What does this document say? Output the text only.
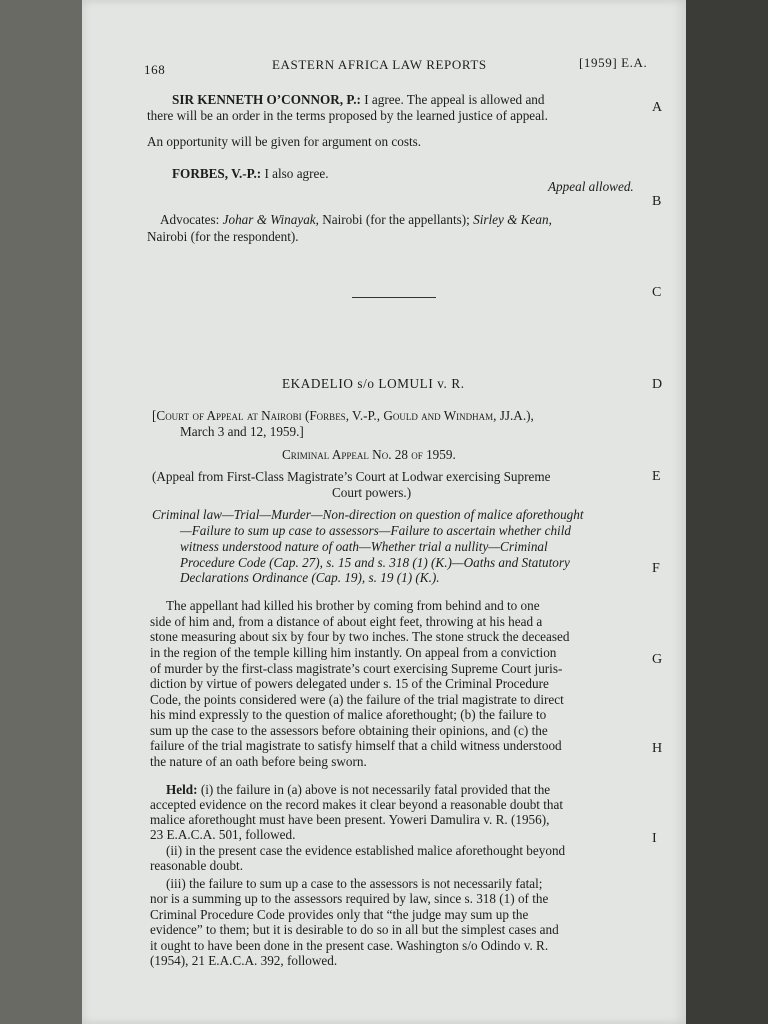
168	EASTERN AFRICA LAW REPORTS	[1959] E.A.
SIR KENNETH O’CONNOR, P.: I agree. The appeal is allowed and
there will be an order in the terms proposed by the learned justice of appeal.
An opportunity will be given for argument on costs.
FORBES, V.-P.: I also agree.
Appeal allowed.
Advocates: Johar & Winayak, Nairobi (for the appellants); Sirley & Kean,
Nairobi (for the respondent).
A
B
C
D
E
F
G
H
I
EKADELIO s/o LOMULI v. R.
[Court of Appeal at Nairobi (Forbes, V.-P., Gould and Windham, JJ.A.),
March 3 and 12, 1959.]
Criminal Appeal No. 28 of 1959.
(Appeal from First-Class Magistrate’s Court at Lodwar exercising Supreme
Court powers.)
Criminal law—Trial—Murder—Non-direction on question of malice aforethought
—Failure to sum up case to assessors—Failure to ascertain whether child
witness understood nature of oath—Whether trial a nullity—Criminal
Procedure Code (Cap. 27), s. 15 and s. 318 (1) (K.)—Oaths and Statutory
Declarations Ordinance (Cap. 19), s. 19 (1) (K.).
The appellant had killed his brother by coming from behind and to one
side of him and, from a distance of about eight feet, throwing at his head a
stone measuring about six by four by two inches. The stone struck the deceased
in the region of the temple killing him instantly. On appeal from a conviction
of murder by the first-class magistrate’s court exercising Supreme Court juris-
diction by virtue of powers delegated under s. 15 of the Criminal Procedure
Code, the points considered were (a) the failure of the trial magistrate to direct
his mind expressly to the question of malice aforethought; (b) the failure to
sum up the case to the assessors before obtaining their opinions, and (c) the
failure of the trial magistrate to satisfy himself that a child witness understood
the nature of an oath before being sworn.
Held: (i) the failure in (a) above is not necessarily fatal provided that the
accepted evidence on the record makes it clear beyond a reasonable doubt that
malice aforethought must have been present. Yoweri Damulira v. R. (1956),
23 E.A.C.A. 501, followed.
(ii) in the present case the evidence established malice aforethought beyond
reasonable doubt.
(iii) the failure to sum up a case to the assessors is not necessarily fatal;
nor is a summing up to the assessors required by law, since s. 318 (1) of the
Criminal Procedure Code provides only that “the judge may sum up the
evidence” to them; but it is desirable to do so in all but the simplest cases and
it ought to have been done in the present case. Washington s/o Odindo v. R.
(1954), 21 E.A.C.A. 392, followed.
